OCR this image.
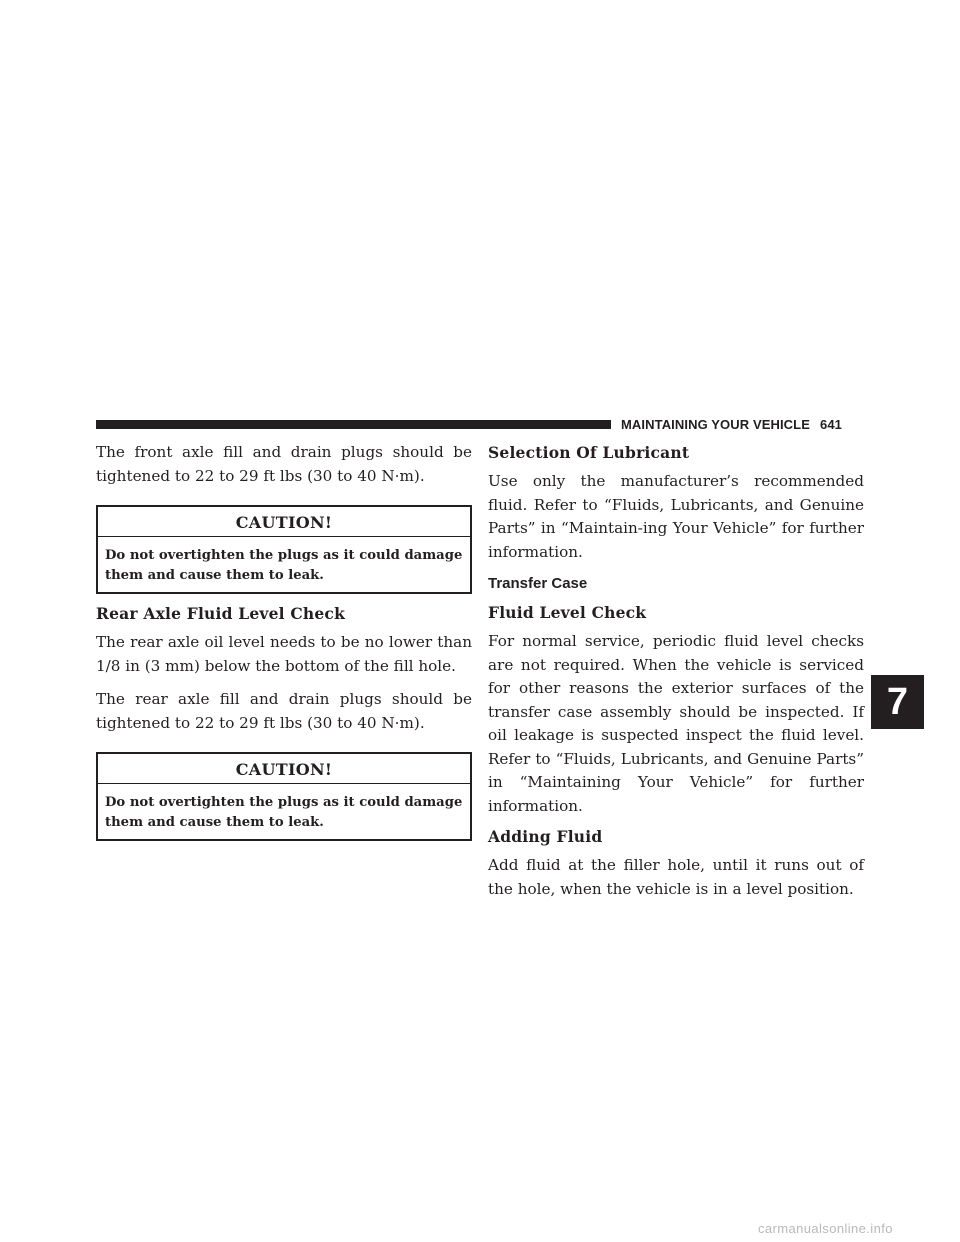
MAINTAINING YOUR VEHICLE 641

The front axle fill and drain plugs should be tightened to 22 to 29 ft lbs (30 to 40 N·m).

CAUTION!
Do not overtighten the plugs as it could damage them and cause them to leak.
Rear Axle Fluid Level Check

The rear axle oil level needs to be no lower than 1/8 in (3 mm) below the bottom of the fill hole.

The rear axle fill and drain plugs should be tightened to 22 to 29 ft lbs (30 to 40 N·m).

CAUTION!
Do not overtighten the plugs as it could damage them and cause them to leak.
Selection Of Lubricant

Use only the manufacturer’s recommended fluid. Refer to “Fluids, Lubricants, and Genuine Parts” in “Maintain-ing Your Vehicle” for further information.

Transfer Case
Fluid Level Check

For normal service, periodic fluid level checks are not required. When the vehicle is serviced for other reasons the exterior surfaces of the transfer case assembly should be inspected. If oil leakage is suspected inspect the fluid level. Refer to “Fluids, Lubricants, and Genuine Parts” in “Maintaining Your Vehicle” for further information.

Adding Fluid

Add fluid at the filler hole, until it runs out of the hole, when the vehicle is in a level position.

7
carmanualsonline.info
